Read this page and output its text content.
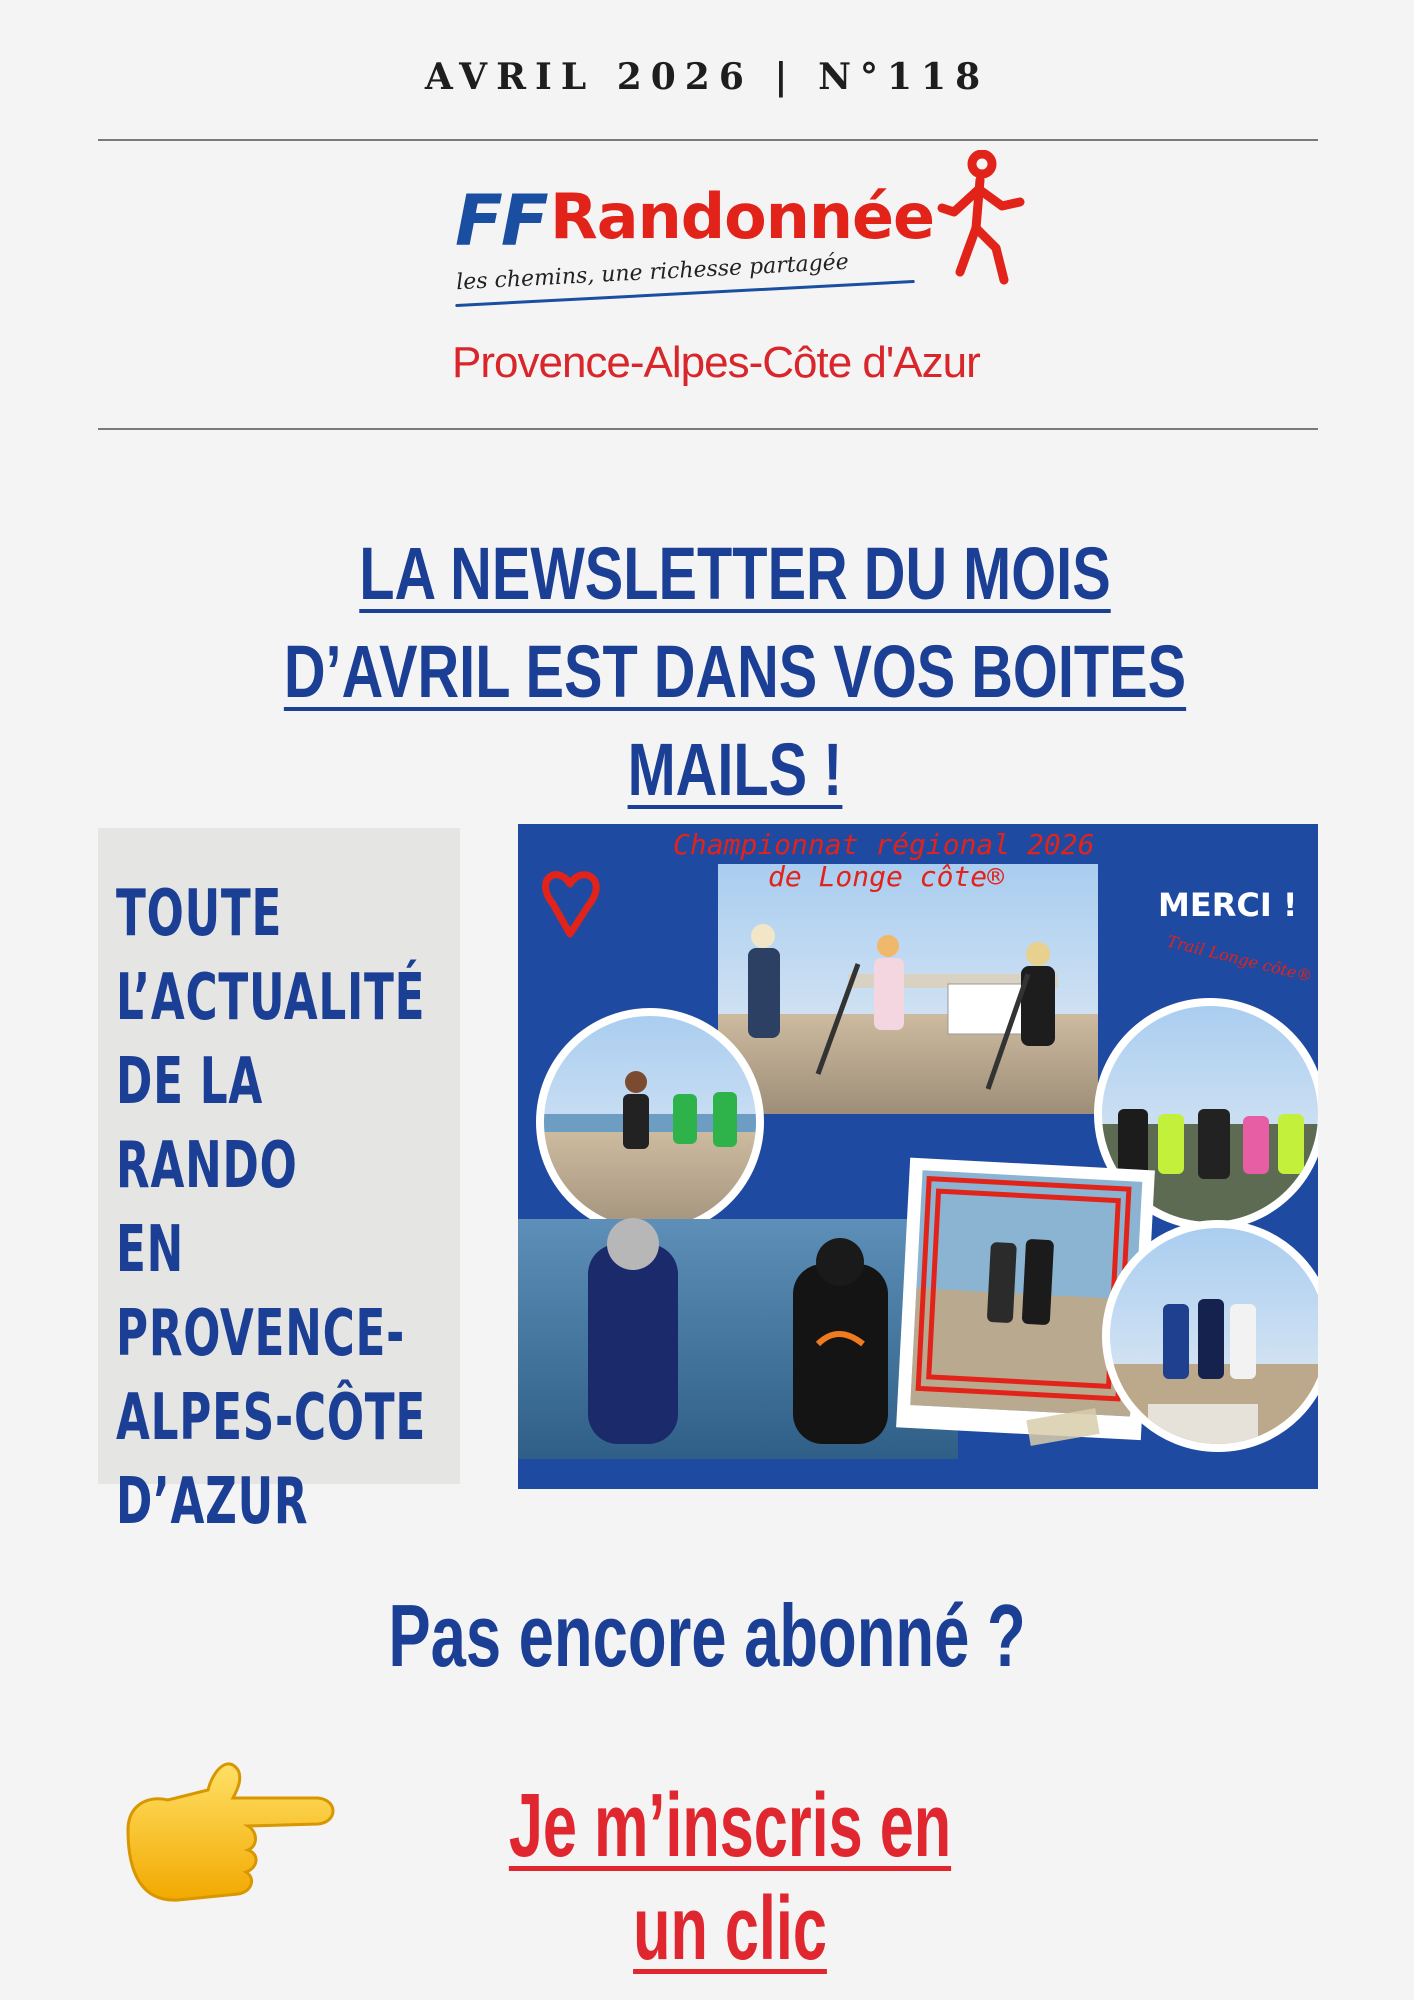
AVRIL 2026 | N°118
FF Randonnée
les chemins, une richesse partagée
Provence-Alpes-Côte d'Azur
LA NEWSLETTER DU MOIS D’AVRIL EST DANS VOS BOITES MAILS !
TOUTE
L’ACTUALITÉ
DE LA RANDO
EN
PROVENCE-
ALPES-CÔTE
D’AZUR
Championnat régional 2026
de Longe côte®
MERCI !
Trail Longe côte®
Pas encore abonné ?
Je m’inscris en un clic
